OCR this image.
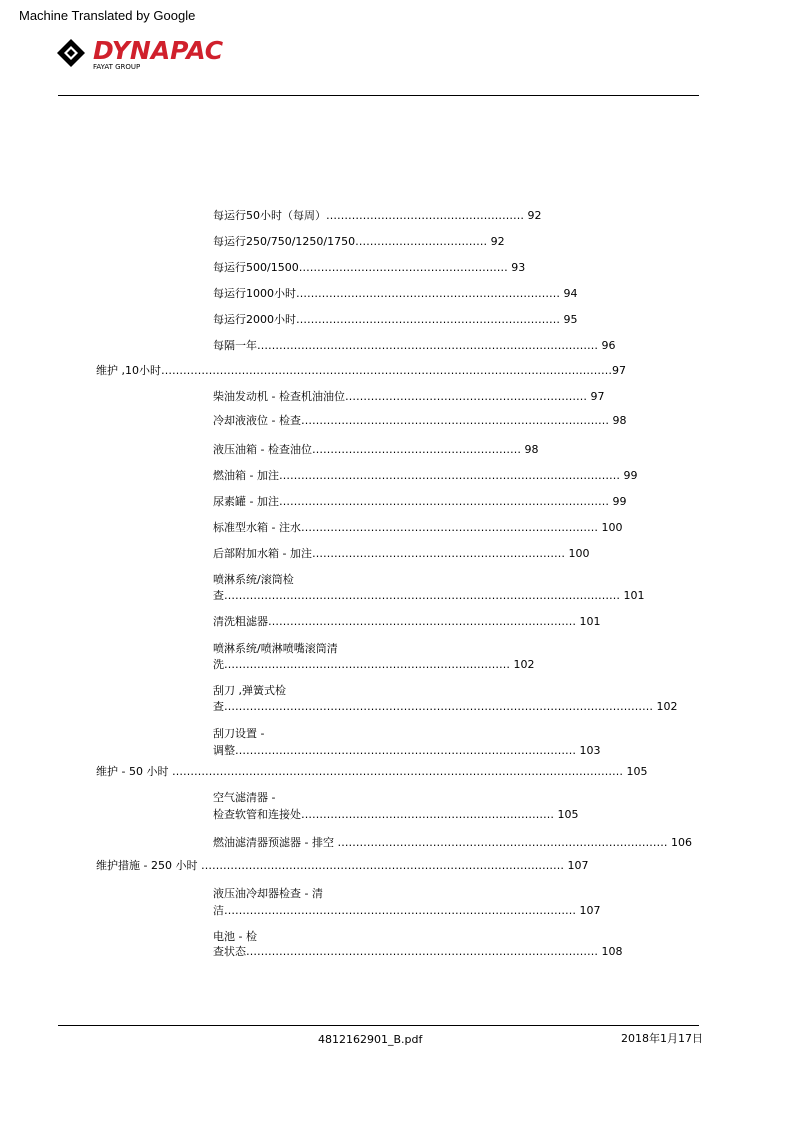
Machine Translated by Google
DYNAPAC
FAYAT GROUP
每运行50小时（每周）……………………………………………… 92
每运行250/750/1250/1750……………………………… 92
每运行500/1500………………………………………………… 93
每运行1000小时……………………………………………………………… 94
每运行2000小时……………………………………………………………… 95
每隔一年………………………………………………………………………………… 96
维护 ,10小时……………………………………………………………………………………………………………97
柴油发动机 - 检查机油油位………………………………………………………… 97
冷却液液位 - 检查………………………………………………………………………… 98
液压油箱 - 检查油位………………………………………………… 98
燃油箱 - 加注………………………………………………………………………………… 99
尿素罐 - 加注……………………………………………………………………………… 99
标准型水箱 - 注水……………………………………………………………………… 100
后部附加水箱 - 加注…………………………………………………………… 100
喷淋系统/滚筒检
查……………………………………………………………………………………………… 101
清洗粗滤器………………………………………………………………………… 101
喷淋系统/喷淋喷嘴滚筒清
洗…………………………………………………………………… 102
刮刀 ,弹簧式检
查……………………………………………………………………………………………………… 102
刮刀设置 -
调整………………………………………………………………………………… 103
维护 - 50 小时 …………………………………………………………………………………………………………… 105
空气滤清器 -
检查软管和连接处…………………………………………………………… 105
燃油滤清器预滤器 - 排空 ……………………………………………………………………………… 106
维护措施 - 250 小时 ……………………………………………………………………………………… 107
液压油冷却器检查 - 清
洁…………………………………………………………………………………… 107
电池 - 检
查状态…………………………………………………………………………………… 108
4812162901_B.pdf	2018年1月17日
